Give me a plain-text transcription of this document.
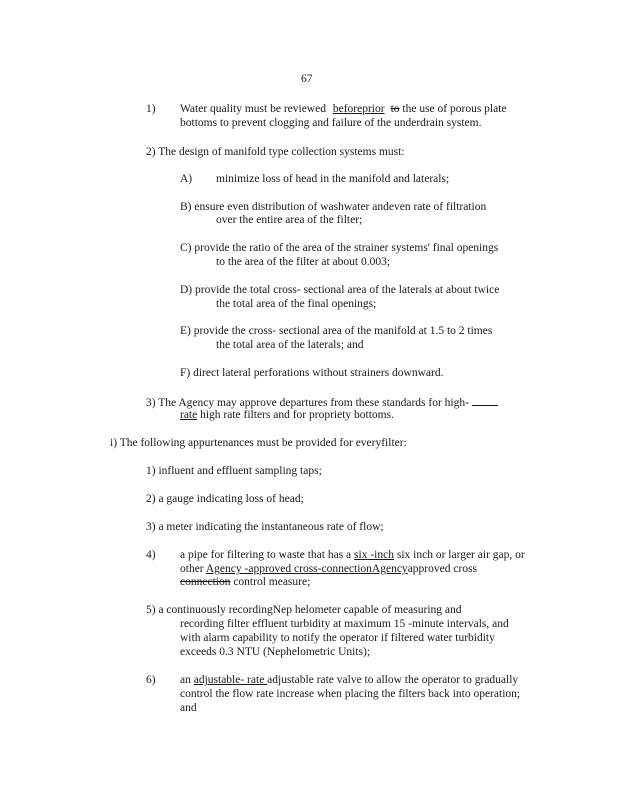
67
1) Water quality must be reviewed beforeprior to the use of porous plate
bottoms to prevent clogging and failure of the underdrain system.
2) The design of manifold type collection systems must:
A) minimize loss of head in the manifold and laterals;
B) ensure even distribution of washwater andeven rate of filtration
over the entire area of the filter;
C) provide the ratio of the area of the strainer systems' final openings
to the area of the filter at about 0.003;
D) provide the total cross- sectional area of the laterals at about twice
the total area of the final openings;
E) provide the cross- sectional area of the manifold at 1.5 to 2 times
the total area of the laterals; and
F) direct lateral perforations without strainers downward.
3) The Agency may approve departures from these standards for high-
rate high rate filters and for propriety bottoms.
i) The following appurtenances must be provided for everyfilter:
1) influent and effluent sampling taps;
2) a gauge indicating loss of head;
3) a meter indicating the instantaneous rate of flow;
4) a pipe for filtering to waste that has a six -inch six inch or larger air gap, or
other Agency -approved cross-connectionAgencyapproved cross
connection control measure;
5) a continuously recordingNep helometer capable of measuring and
recording filter effluent turbidity at maximum 15 -minute intervals, and
with alarm capability to notify the operator if filtered water turbidity
exceeds 0.3 NTU (Nephelometric Units);
6) an adjustable- rate adjustable rate valve to allow the operator to gradually
control the flow rate increase when placing the filters back into operation;
and
